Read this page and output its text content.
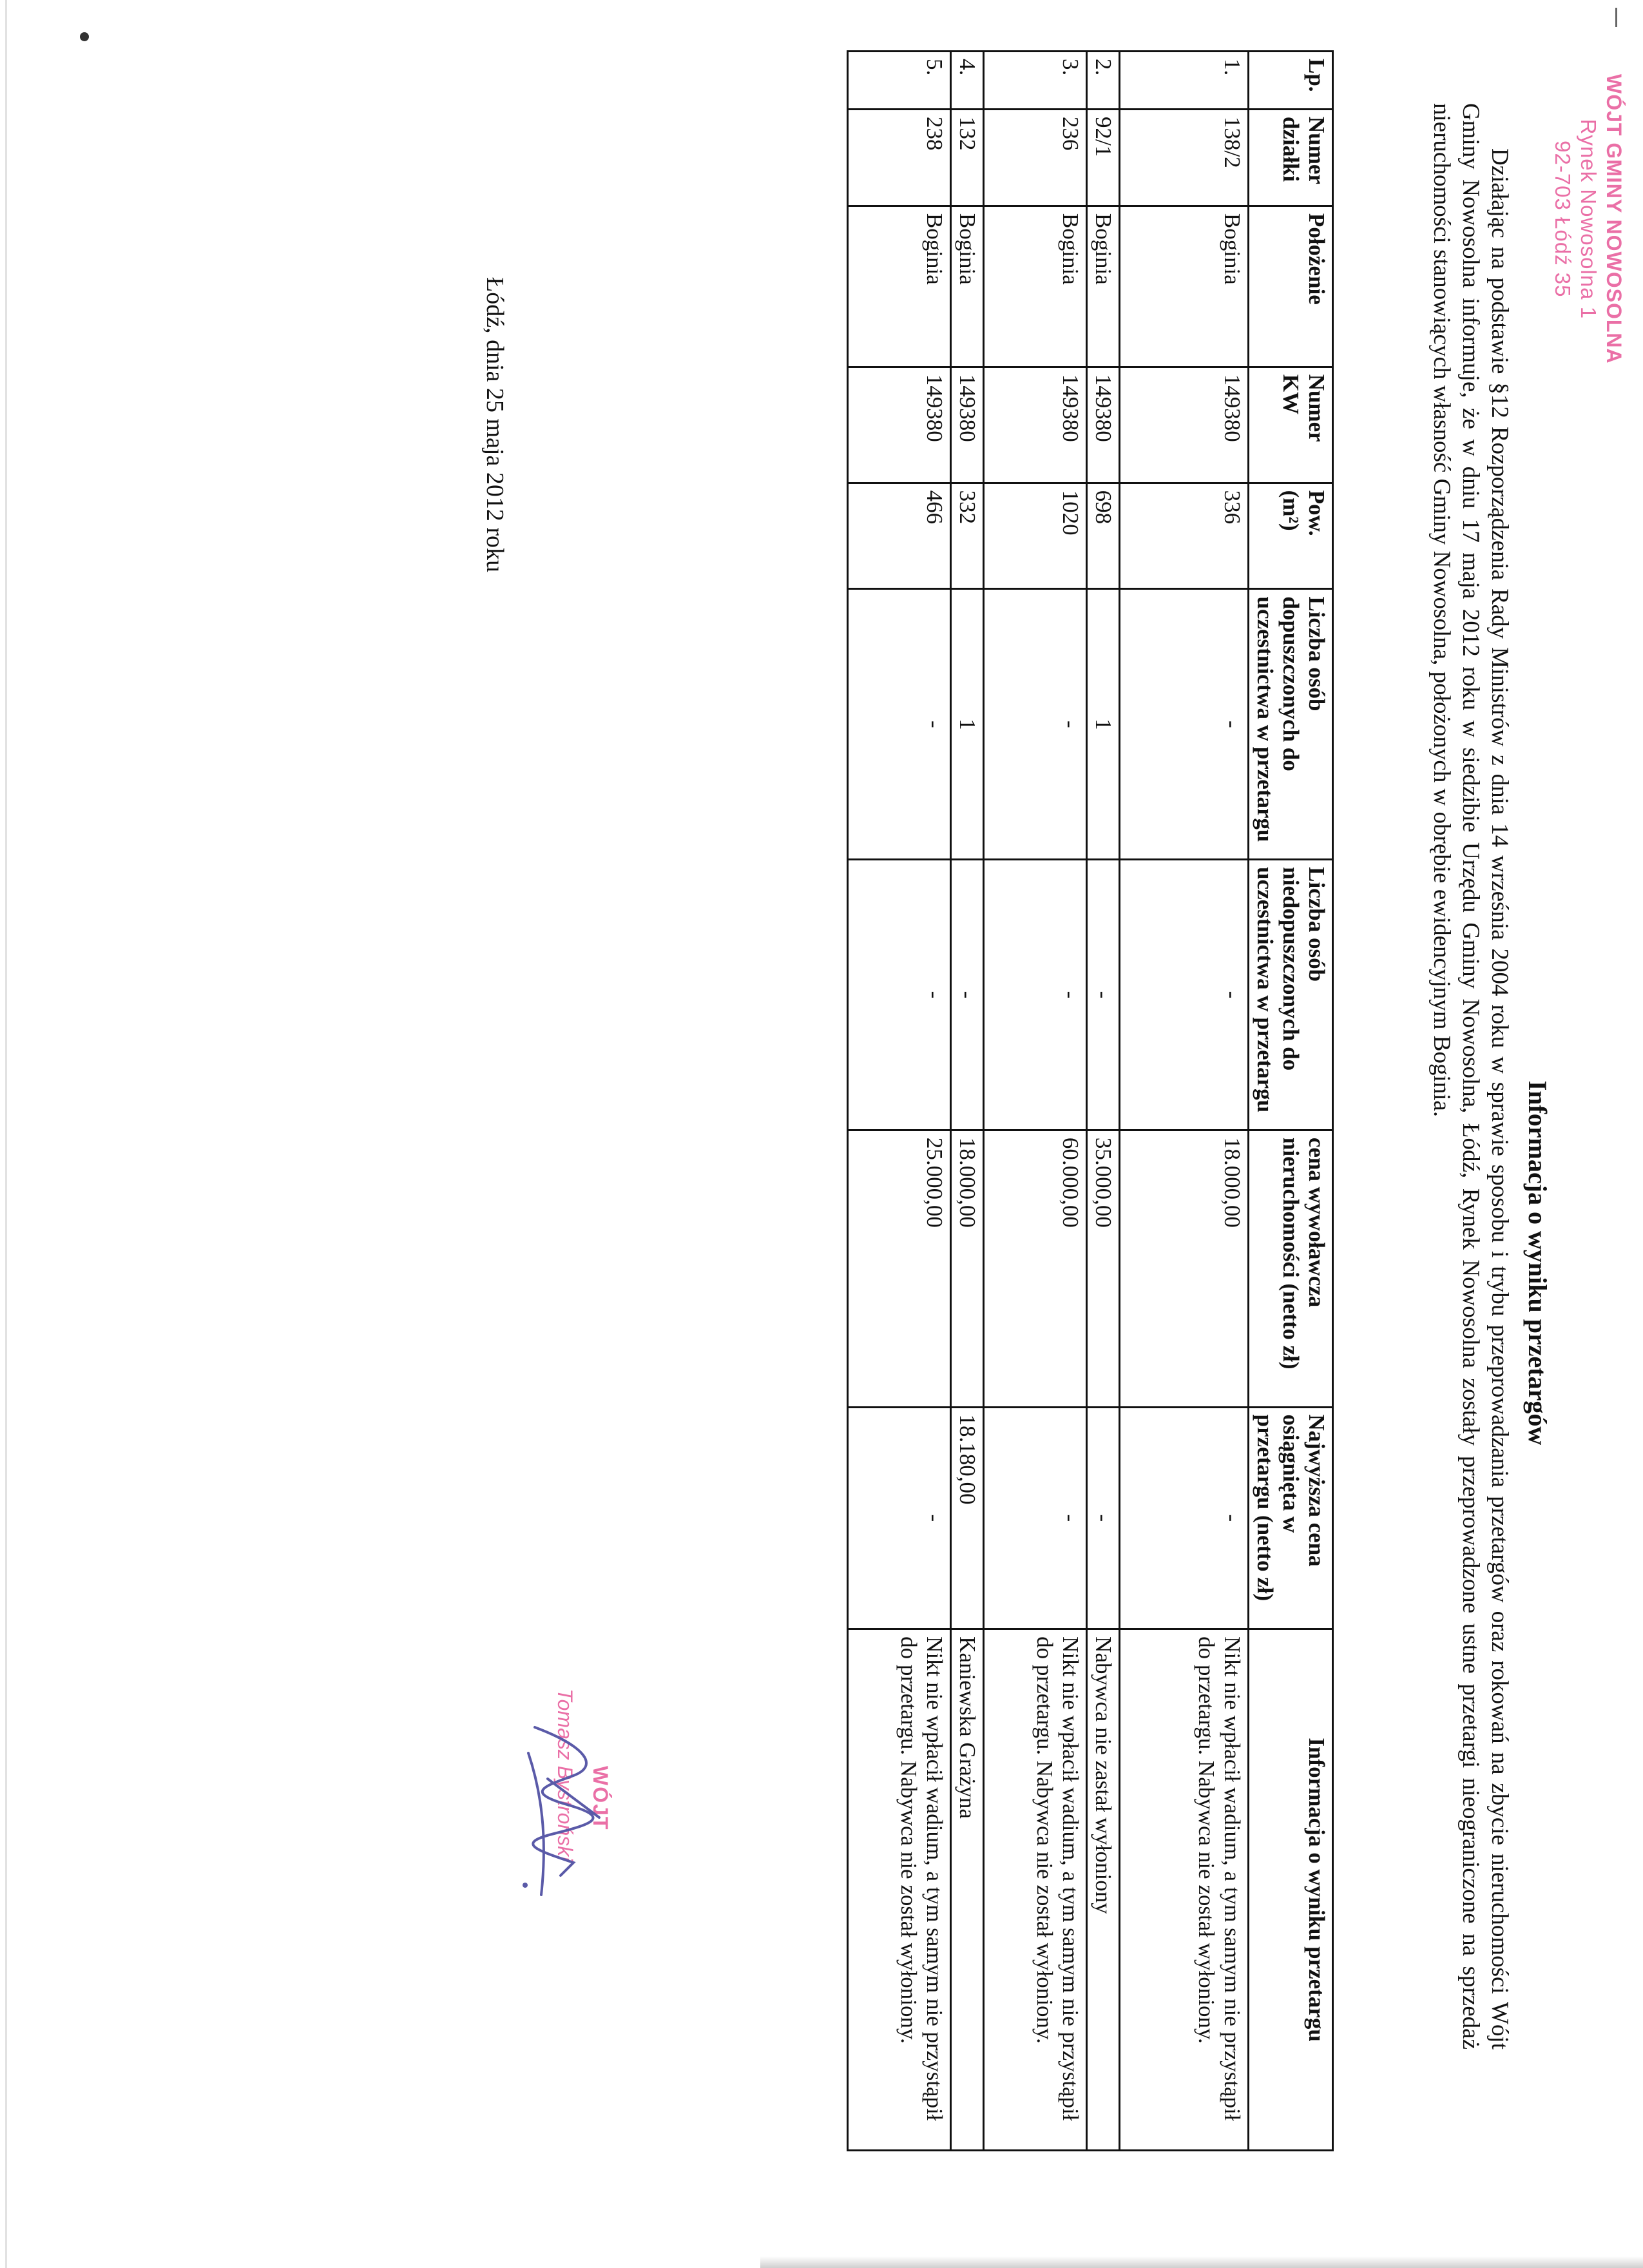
WÓJT GMINY NOWOSOLNA
Rynek Nowosolna 1
92-703 Łódź 35
Informacja o wyniku przetargów
Działając na podstawie §12 Rozporządzenia Rady Ministrów z dnia 14 września 2004 roku w sprawie sposobu i trybu przeprowadzania przetargów oraz rokowań na zbycie nieruchomości Wójt Gminy Nowosolna informuje, że w dniu 17 maja 2012 roku w siedzibie Urzędu Gminy Nowosolna, Łódź, Rynek Nowosolna zostały przeprowadzone ustne przetargi nieograniczone na sprzedaż nieruchomości stanowiących własność Gminy Nowosolna, położonych w obrębie ewidencyjnym Boginia.
Lp.	Numer działki	Położenie	Numer KW	Pow. (m²)	Liczba osób dopuszczonych do uczestnictwa w przetargu	Liczba osób niedopuszczonych do uczestnictwa w przetargu	cena wywoławcza nieruchomości (netto zł)	Najwyższa cena osiągnięta w przetargu (netto zł)	Informacja o wyniku przetargu
1.	138/2	Boginia	149380	336	-	-	18.000,00	-	Nikt nie wpłacił wadium, a tym samym nie przystąpił do przetargu. Nabywca nie został wyłoniony.
2.	92/1	Boginia	149380	698	1	-	35.000,00	-	Nabywca nie zastał wyłoniony
3.	236	Boginia	149380	1020	-	-	60.000,00	-	Nikt nie wpłacił wadium, a tym samym nie przystąpił do przetargu. Nabywca nie został wyłoniony.
4.	132	Boginia	149380	332	1	-	18.000,00	18.180,00	Kaniewska Grażyna
5.	238	Boginia	149380	466	-	-	25.000,00	-	Nikt nie wpłacił wadium, a tym samym nie przystąpił do przetargu. Nabywca nie został wyłoniony.
Łódź, dnia 25 maja 2012 roku
WÓJT
Tomasz Bystroński
